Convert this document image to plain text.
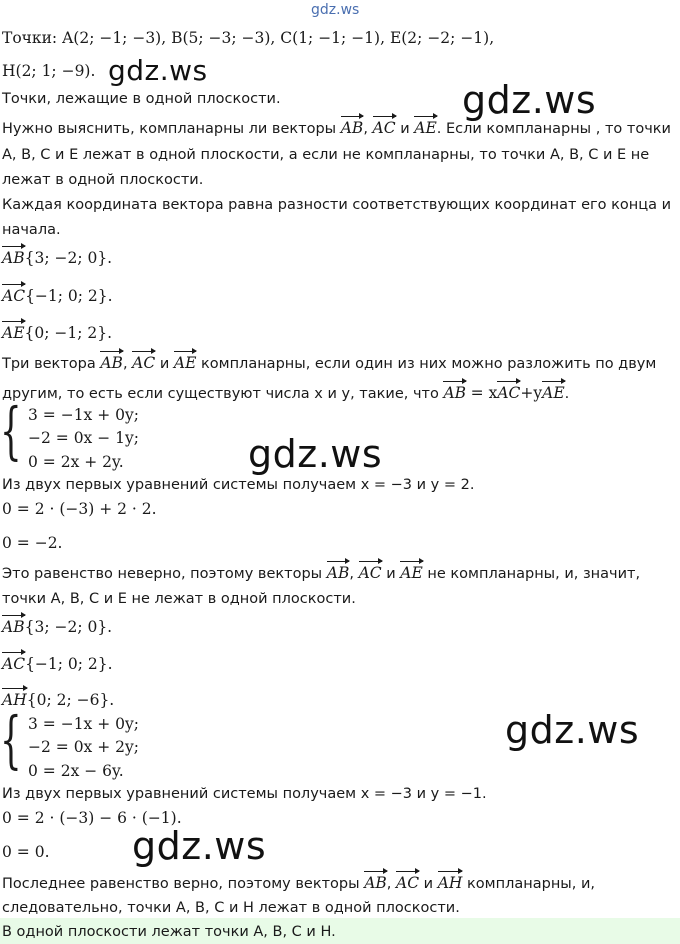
gdz.ws
gdz.ws
gdz.ws
gdz.ws
gdz.ws
gdz.ws
Точки: A(2; −1; −3), B(5; −3; −3), C(1; −1; −1), E(2; −2; −1),
H(2; 1; −9).
Точки, лежащие в одной плоскости.
Нужно выяснить, компланарны ли векторы AB, AC и AE. Если компланарны , то точки
A, B, C и E лежат в одной плоскости, а если не компланарны, то точки A, B, C и E не
лежат в одной плоскости.
Каждая координата вектора равна разности соответствующих координат его конца и
начала.
AB{3; −2; 0}.
AC{−1; 0; 2}.
AE{0; −1; 2}.
Три вектора AB, AC и AE компланарны, если один из них можно разложить по двум
другим, то есть если существуют числа x и y, такие, что AB = xAC+yAE.
{ 3 = −1x + 0y;
−2 = 0x − 1y;
0 = 2x + 2y.
Из двух первых уравнений системы получаем x = −3 и y = 2.
0 = 2 · (−3) + 2 · 2.
0 = −2.
Это равенство неверно, поэтому векторы AB, AC и AE не компланарны, и, значит,
точки A, B, C и E не лежат в одной плоскости.
AB{3; −2; 0}.
AC{−1; 0; 2}.
AH{0; 2; −6}.
{ 3 = −1x + 0y;
−2 = 0x + 2y;
0 = 2x − 6y.
Из двух первых уравнений системы получаем x = −3 и y = −1.
0 = 2 · (−3) − 6 · (−1).
0 = 0.
Последнее равенство верно, поэтому векторы AB, AC и AH компланарны, и,
следовательно, точки A, B, C и H лежат в одной плоскости.
В одной плоскости лежат точки A, B, C и H.
